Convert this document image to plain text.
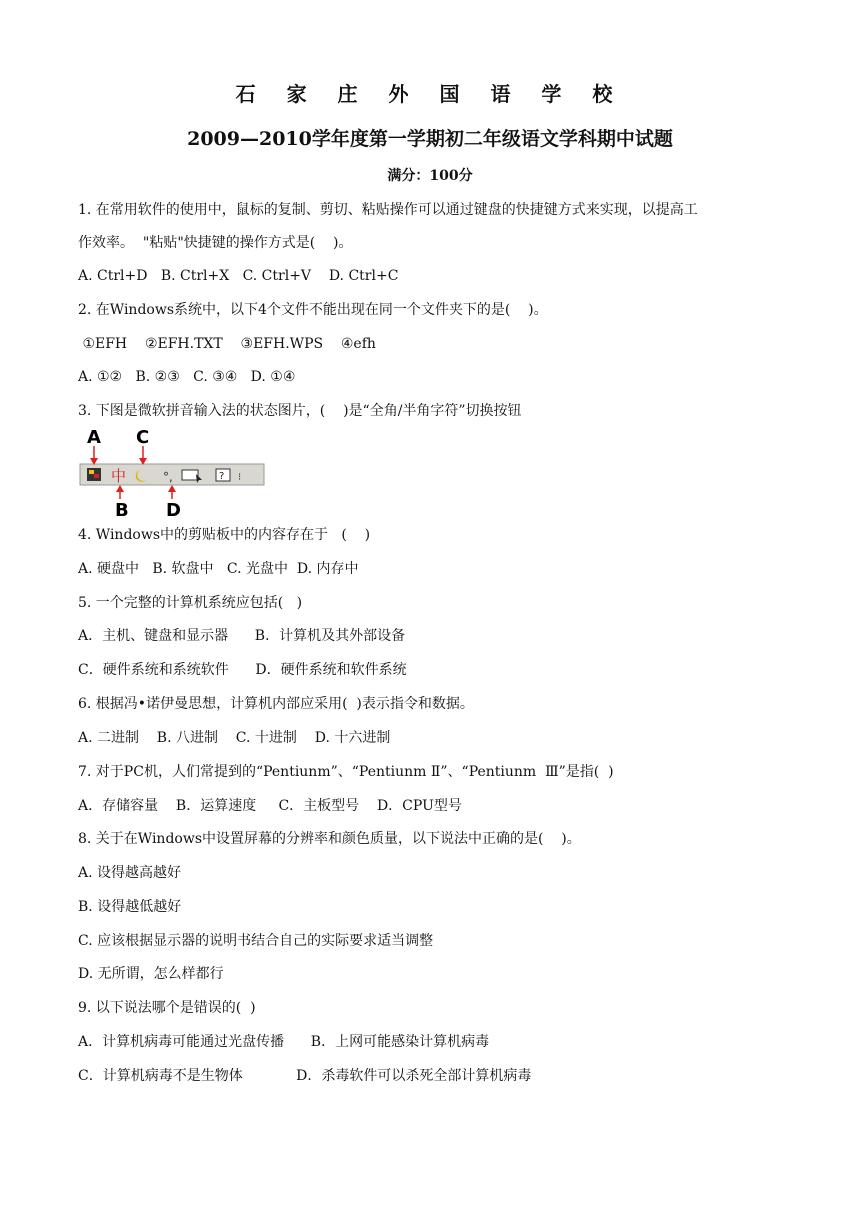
石 家 庄 外 国 语 学 校
2009—2010学年度第一学期初二年级语文学科期中试题
满分：100分
1. 在常用软件的使用中，鼠标的复制、剪切、粘贴操作可以通过键盘的快捷键方式来实现，以提高工
作效率。  "粘贴"快捷键的操作方式是(    )。
A. Ctrl+D   B. Ctrl+X   C. Ctrl+V    D. Ctrl+C
2. 在Windows系统中，以下4个文件不能出现在同一个文件夹下的是(    )。
①EFH    ②EFH.TXT    ③EFH.WPS    ④efh
A. ①②   B. ②③   C. ③④   D. ①④
3. 下图是微软拼音输入法的状态图片，(    )是“全角/半角字符”切换按钮
中	°,	? ⁝
A C
B D
4. Windows中的剪贴板中的内容存在于   (    )
A. 硬盘中   B. 软盘中   C. 光盘中  D. 内存中
5. 一个完整的计算机系统应包括(   )
A．主机、键盘和显示器      B．计算机及其外部设备
C．硬件系统和系统软件      D．硬件系统和软件系统
6. 根据冯•诺伊曼思想，计算机内部应采用(  )表示指令和数据。
A. 二进制    B. 八进制    C. 十进制    D. 十六进制
7. 对于PC机，人们常提到的“Pentiunm”、“Pentiunm Ⅱ”、“Pentiunm  Ⅲ”是指(  )
A．存储容量    B．运算速度     C．主板型号    D．CPU型号
8. 关于在Windows中设置屏幕的分辨率和颜色质量，以下说法中正确的是(    )。
A. 设得越高越好
B. 设得越低越好
C. 应该根据显示器的说明书结合自己的实际要求适当调整
D. 无所谓，怎么样都行
9. 以下说法哪个是错误的(  )
A．计算机病毒可能通过光盘传播      B．上网可能感染计算机病毒
C．计算机病毒不是生物体            D．杀毒软件可以杀死全部计算机病毒
